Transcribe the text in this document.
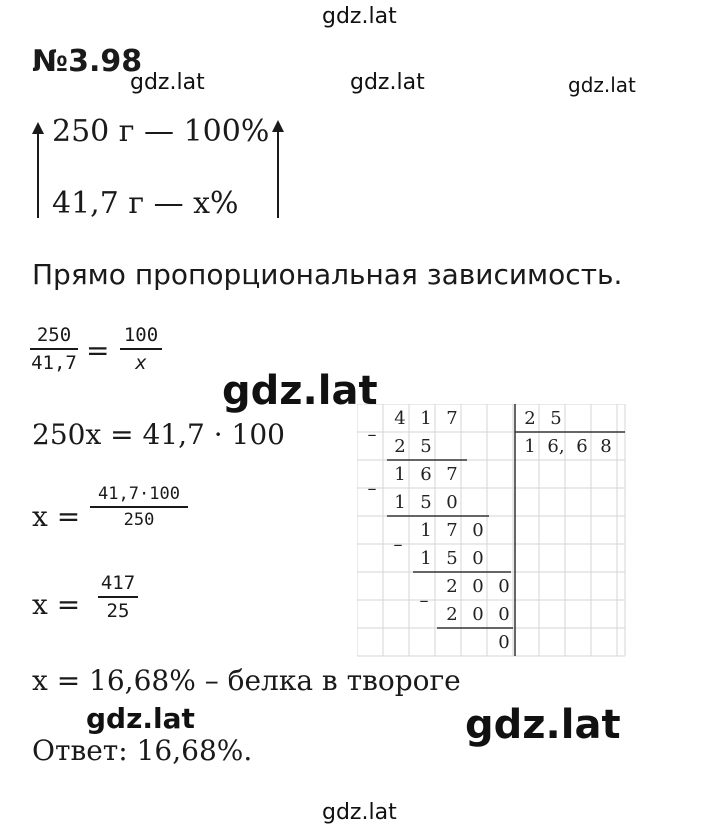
gdz.lat
gdz.lat	gdz.lat	gdz.lat
gdz.lat
gdz.lat	gdz.lat
gdz.lat
№3.98
250 г — 100%
41,7 г — x%
Прямо пропорциональная зависимость.
250
41,7 = 100
x
250x = 41,7 · 100
x =
41,7·100
250
x =
417
25
x = 16,68% – белка в твороге
Ответ: 16,68%.
–
4 1 7	2 5
2 5	1 6, 6 8
–
1 6 7
1 5 0
–
1 7 0
1 5 0
–
2 0 0
2 0 0
0
